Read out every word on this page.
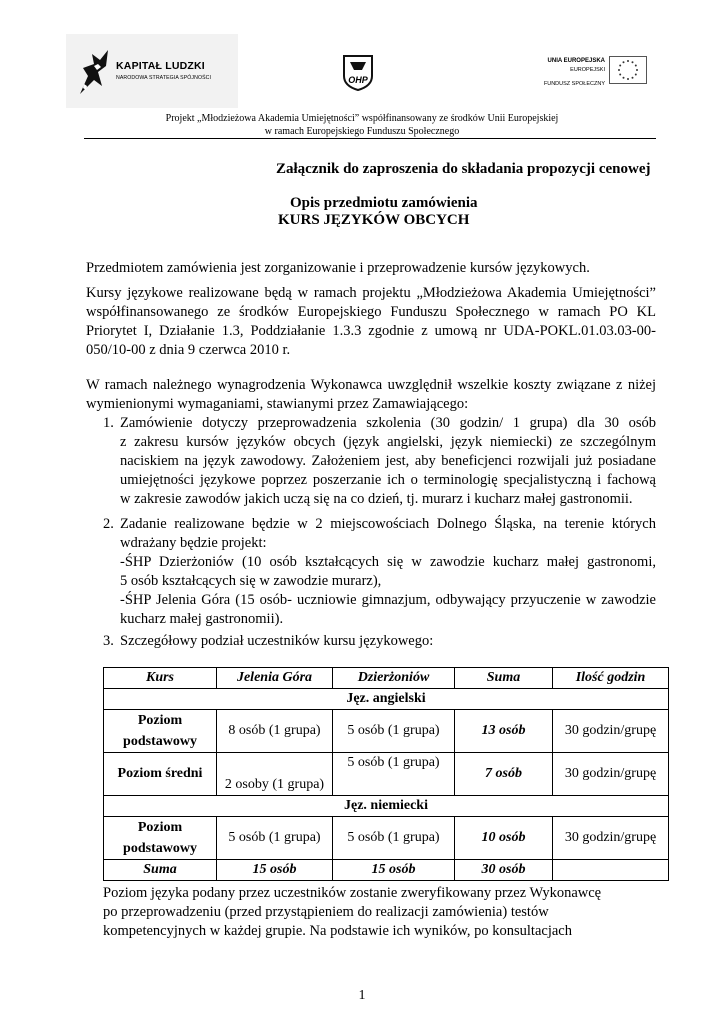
KAPITAŁ LUDZKI
NARODOWA STRATEGIA SPÓJNOŚCI	OHP
UNIA EUROPEJSKA
EUROPEJSKI
FUNDUSZ SPOŁECZNY
Projekt „Młodzieżowa Akademia Umiejętności” współfinansowany ze środków Unii Europejskiej
w ramach Europejskiego Funduszu Społecznego
Załącznik do zaproszenia do składania propozycji cenowej
Opis przedmiotu zamówienia
KURS JĘZYKÓW OBCYCH
Przedmiotem zamówienia jest zorganizowanie i przeprowadzenie kursów językowych.
Kursy językowe realizowane będą w ramach projektu „Młodzieżowa Akademia Umiejętności”
współfinansowanego ze środków Europejskiego Funduszu Społecznego w ramach PO KL
Priorytet I, Działanie 1.3, Poddziałanie 1.3.3 zgodnie z umową nr UDA-POKL.01.03.03-00-
050/10-00 z dnia 9 czerwca 2010 r.
W ramach należnego wynagrodzenia Wykonawca uwzględnił wszelkie koszty związane z niżej
wymienionymi wymaganiami, stawianymi przez Zamawiającego:
1. Zamówienie dotyczy przeprowadzenia szkolenia (30 godzin/ 1 grupa) dla 30 osób
z zakresu kursów języków obcych (język angielski, język niemiecki) ze szczególnym
naciskiem na język zawodowy. Założeniem jest, aby beneficjenci rozwijali już posiadane
umiejętności językowe poprzez poszerzanie ich o terminologię specjalistyczną i fachową
w zakresie zawodów jakich uczą się na co dzień, tj. murarz i kucharz małej gastronomii.
2. Zadanie realizowane będzie w 2 miejscowościach Dolnego Śląska, na terenie których
wdrażany będzie projekt:
-ŚHP Dzierżoniów (10 osób kształcących się w zawodzie kucharz małej gastronomi,
5 osób kształcących się w zawodzie murarz),
-ŚHP Jelenia Góra (15 osób- uczniowie gimnazjum, odbywający przyuczenie w zawodzie
kucharz małej gastronomii).
3. Szczegółowy podział uczestników kursu językowego:
Kurs	Jelenia Góra	Dzierżoniów	Suma	Ilość godzin
Jęz. angielski				
Poziom podstawowy	8 osób (1 grupa)	5 osób (1 grupa)	13 osób	30 godzin/grupę
Poziom średni	2 osoby (1 grupa)	5 osób (1 grupa)	7 osób	30 godzin/grupę
Jęz. niemiecki				
Poziom podstawowy	5 osób (1 grupa)	5 osób (1 grupa)	10 osób	30 godzin/grupę
Suma	15 osób	15 osób	30 osób	
Poziom języka podany przez uczestników zostanie zweryfikowany przez Wykonawcę
po przeprowadzeniu (przed przystąpieniem do realizacji zamówienia) testów
kompetencyjnych w każdej grupie. Na podstawie ich wyników, po konsultacjach
1
